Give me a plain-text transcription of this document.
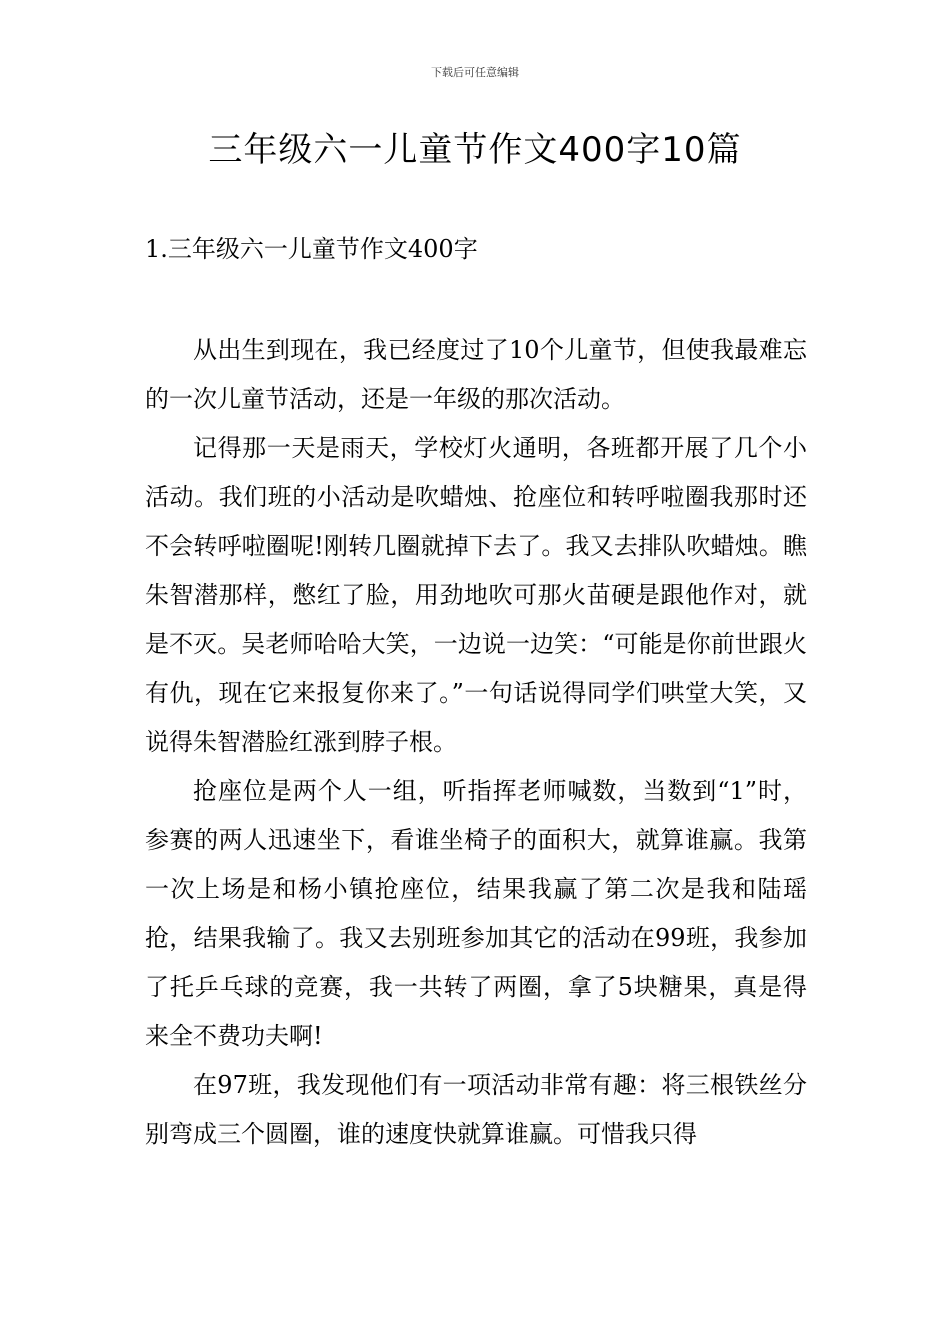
下载后可任意编辑
三年级六一儿童节作文400字10篇
1.三年级六一儿童节作文400字

从出生到现在，我已经度过了10个儿童节，但使我最难忘的一次儿童节活动，还是一年级的那次活动。

记得那一天是雨天，学校灯火通明，各班都开展了几个小活动。我们班的小活动是吹蜡烛、抢座位和转呼啦圈我那时还不会转呼啦圈呢!刚转几圈就掉下去了。我又去排队吹蜡烛。瞧朱智潜那样，憋红了脸，用劲地吹可那火苗硬是跟他作对，就是不灭。吴老师哈哈大笑，一边说一边笑：“可能是你前世跟火有仇，现在它来报复你来了。”一句话说得同学们哄堂大笑，又说得朱智潜脸红涨到脖子根。

抢座位是两个人一组，听指挥老师喊数，当数到“1”时，参赛的两人迅速坐下，看谁坐椅子的面积大，就算谁赢。我第一次上场是和杨小镇抢座位，结果我赢了第二次是我和陆瑶抢，结果我输了。我又去别班参加其它的活动在99班，我参加了托乒乓球的竞赛，我一共转了两圈，拿了5块糖果，真是得来全不费功夫啊!

在97班，我发现他们有一项活动非常有趣：将三根铁丝分别弯成三个圆圈，谁的速度快就算谁赢。可惜我只得
